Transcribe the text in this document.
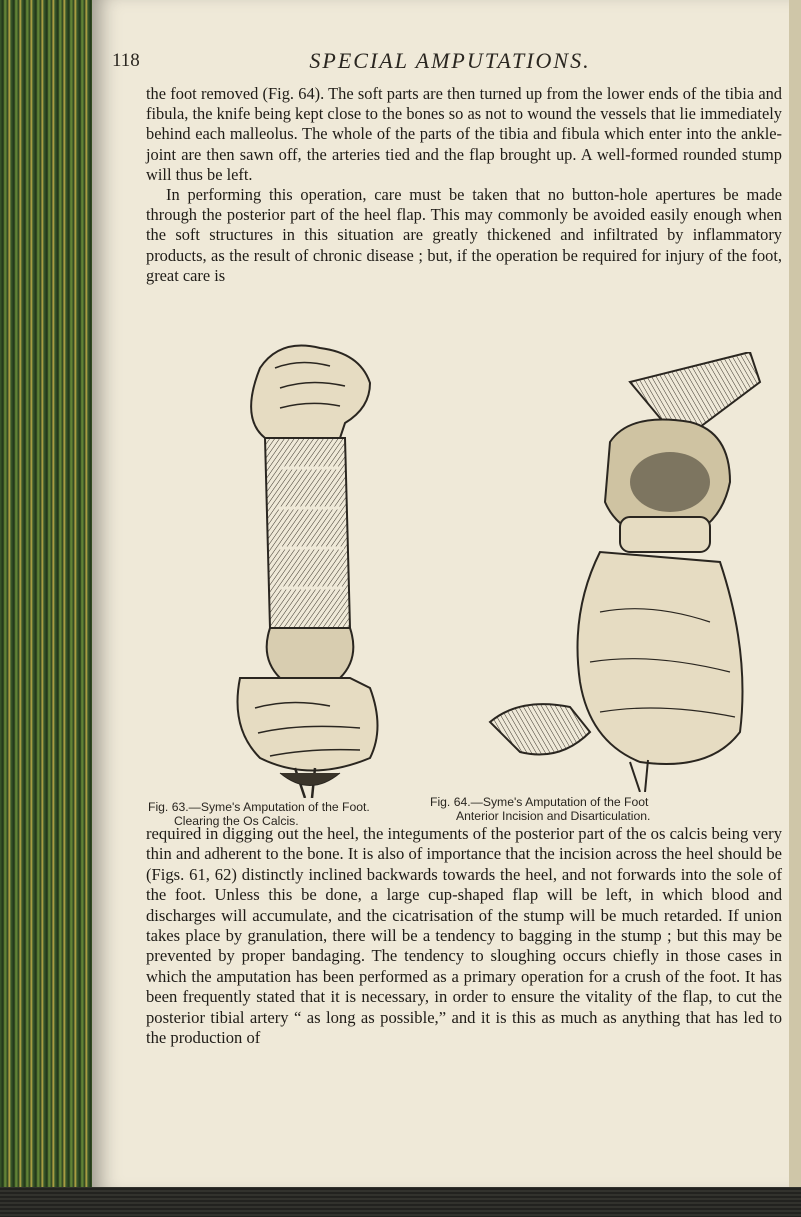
118	SPECIAL AMPUTATIONS.

the foot removed (Fig. 64). The soft parts are then turned up from the lower ends of the tibia and fibula, the knife being kept close to the bones so as not to wound the vessels that lie immediately behind each malleolus. The whole of the parts of the tibia and fibula which enter into the ankle-joint are then sawn off, the arteries tied and the flap brought up. A well-formed rounded stump will thus be left.

In performing this operation, care must be taken that no button-hole apertures be made through the posterior part of the heel flap. This may commonly be avoided easily enough when the soft structures in this situation are greatly thickened and infiltrated by inflammatory products, as the result of chronic disease ; but, if the operation be required for injury of the foot, great care is

Fig. 63.—Syme's Amputation of the Foot.
Clearing the Os Calcis.
Fig. 64.—Syme's Amputation of the Foot
Anterior Incision and Disarticulation.

required in digging out the heel, the integuments of the posterior part of the os calcis being very thin and adherent to the bone. It is also of importance that the incision across the heel should be (Figs. 61, 62) distinctly inclined backwards towards the heel, and not forwards into the sole of the foot. Unless this be done, a large cup-shaped flap will be left, in which blood and discharges will accumulate, and the cicatrisation of the stump will be much retarded. If union takes place by granulation, there will be a tendency to bagging in the stump ; but this may be prevented by proper bandaging. The tendency to sloughing occurs chiefly in those cases in which the amputation has been performed as a primary operation for a crush of the foot. It has been frequently stated that it is necessary, in order to ensure the vitality of the flap, to cut the posterior tibial artery “ as long as possible,” and it is this as much as anything that has led to the production of
